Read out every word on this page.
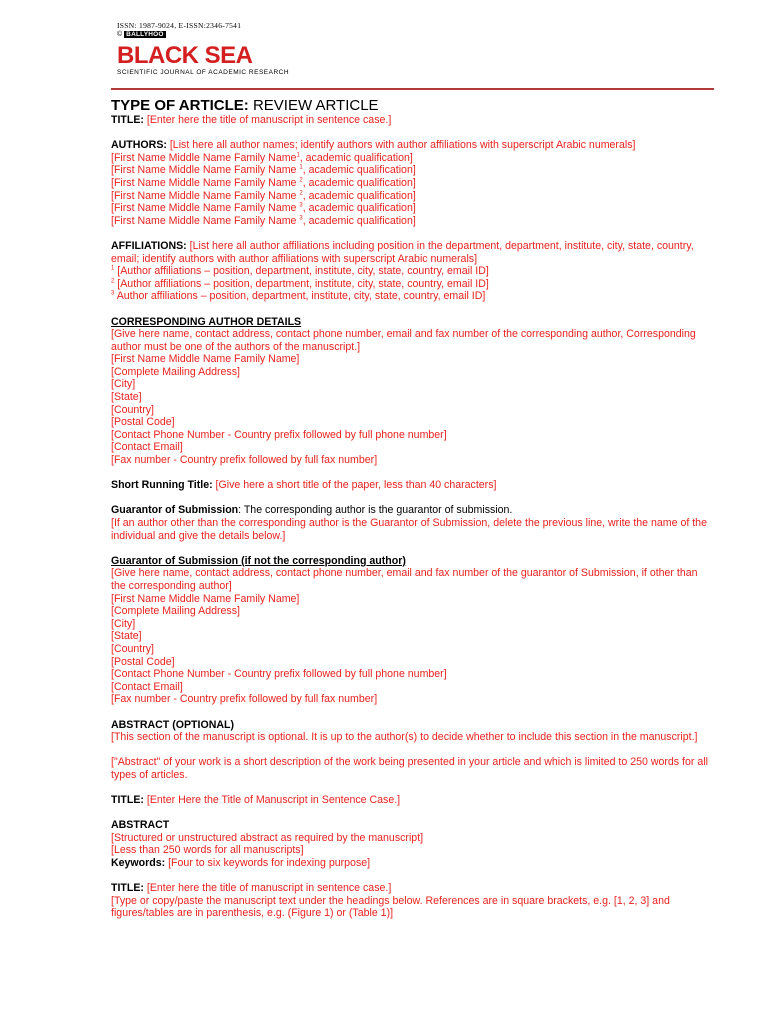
ISSN: 1987-9024, E-ISSN:2346-7541
© BALLYHOO
BLACK SEA
SCIENTIFIC JOURNAL OF ACADEMIC RESEARCH

TYPE OF ARTICLE: REVIEW ARTICLE

TITLE: [Enter here the title of manuscript in sentence case.]

AUTHORS: [List here all author names; identify authors with author affiliations with superscript Arabic numerals]

[First Name Middle Name Family Name$^1$, academic qualification]

[First Name Middle Name Family Name $^1$, academic qualification]

[First Name Middle Name Family Name $^2$, academic qualification]

[First Name Middle Name Family Name $^2$, academic qualification]

[First Name Middle Name Family Name $^3$, academic qualification]

[First Name Middle Name Family Name $^3$, academic qualification]

AFFILIATIONS: [List here all author affiliations including position in the department, department, institute, city, state, country, email; identify authors with author affiliations with superscript Arabic numerals]

$^1$ [Author affiliations – position, department, institute, city, state, country, email ID]

$^2$ [Author affiliations – position, department, institute, city, state, country, email ID]

$^3$ Author affiliations – position, department, institute, city, state, country, email ID]

CORRESPONDING AUTHOR DETAILS

[Give here name, contact address, contact phone number, email and fax number of the corresponding author, Corresponding author must be one of the authors of the manuscript.]

[First Name Middle Name Family Name]

[Complete Mailing Address]

[City]

[State]

[Country]

[Postal Code]

[Contact Phone Number - Country prefix followed by full phone number]

[Contact Email]

[Fax number - Country prefix followed by full fax number]

Short Running Title: [Give here a short title of the paper, less than 40 characters]

Guarantor of Submission: The corresponding author is the guarantor of submission.

[If an author other than the corresponding author is the Guarantor of Submission, delete the previous line, write the name of the individual and give the details below.]

Guarantor of Submission (if not the corresponding author)

[Give here name, contact address, contact phone number, email and fax number of the guarantor of Submission, if other than the corresponding author]

[First Name Middle Name Family Name]

[Complete Mailing Address]

[City]

[State]

[Country]

[Postal Code]

[Contact Phone Number - Country prefix followed by full phone number]

[Contact Email]

[Fax number - Country prefix followed by full fax number]

ABSTRACT (OPTIONAL)

[This section of the manuscript is optional. It is up to the author(s) to decide whether to include this section in the manuscript.]

["Abstract" of your work is a short description of the work being presented in your article and which is limited to 250 words for all types of articles.

TITLE: [Enter Here the Title of Manuscript in Sentence Case.]

ABSTRACT

[Structured or unstructured abstract as required by the manuscript]

[Less than 250 words for all manuscripts]

Keywords: [Four to six keywords for indexing purpose]

TITLE: [Enter here the title of manuscript in sentence case.]

[Type or copy/paste the manuscript text under the headings below. References are in square brackets, e.g. [1, 2, 3] and figures/tables are in parenthesis, e.g. (Figure 1) or (Table 1)]
